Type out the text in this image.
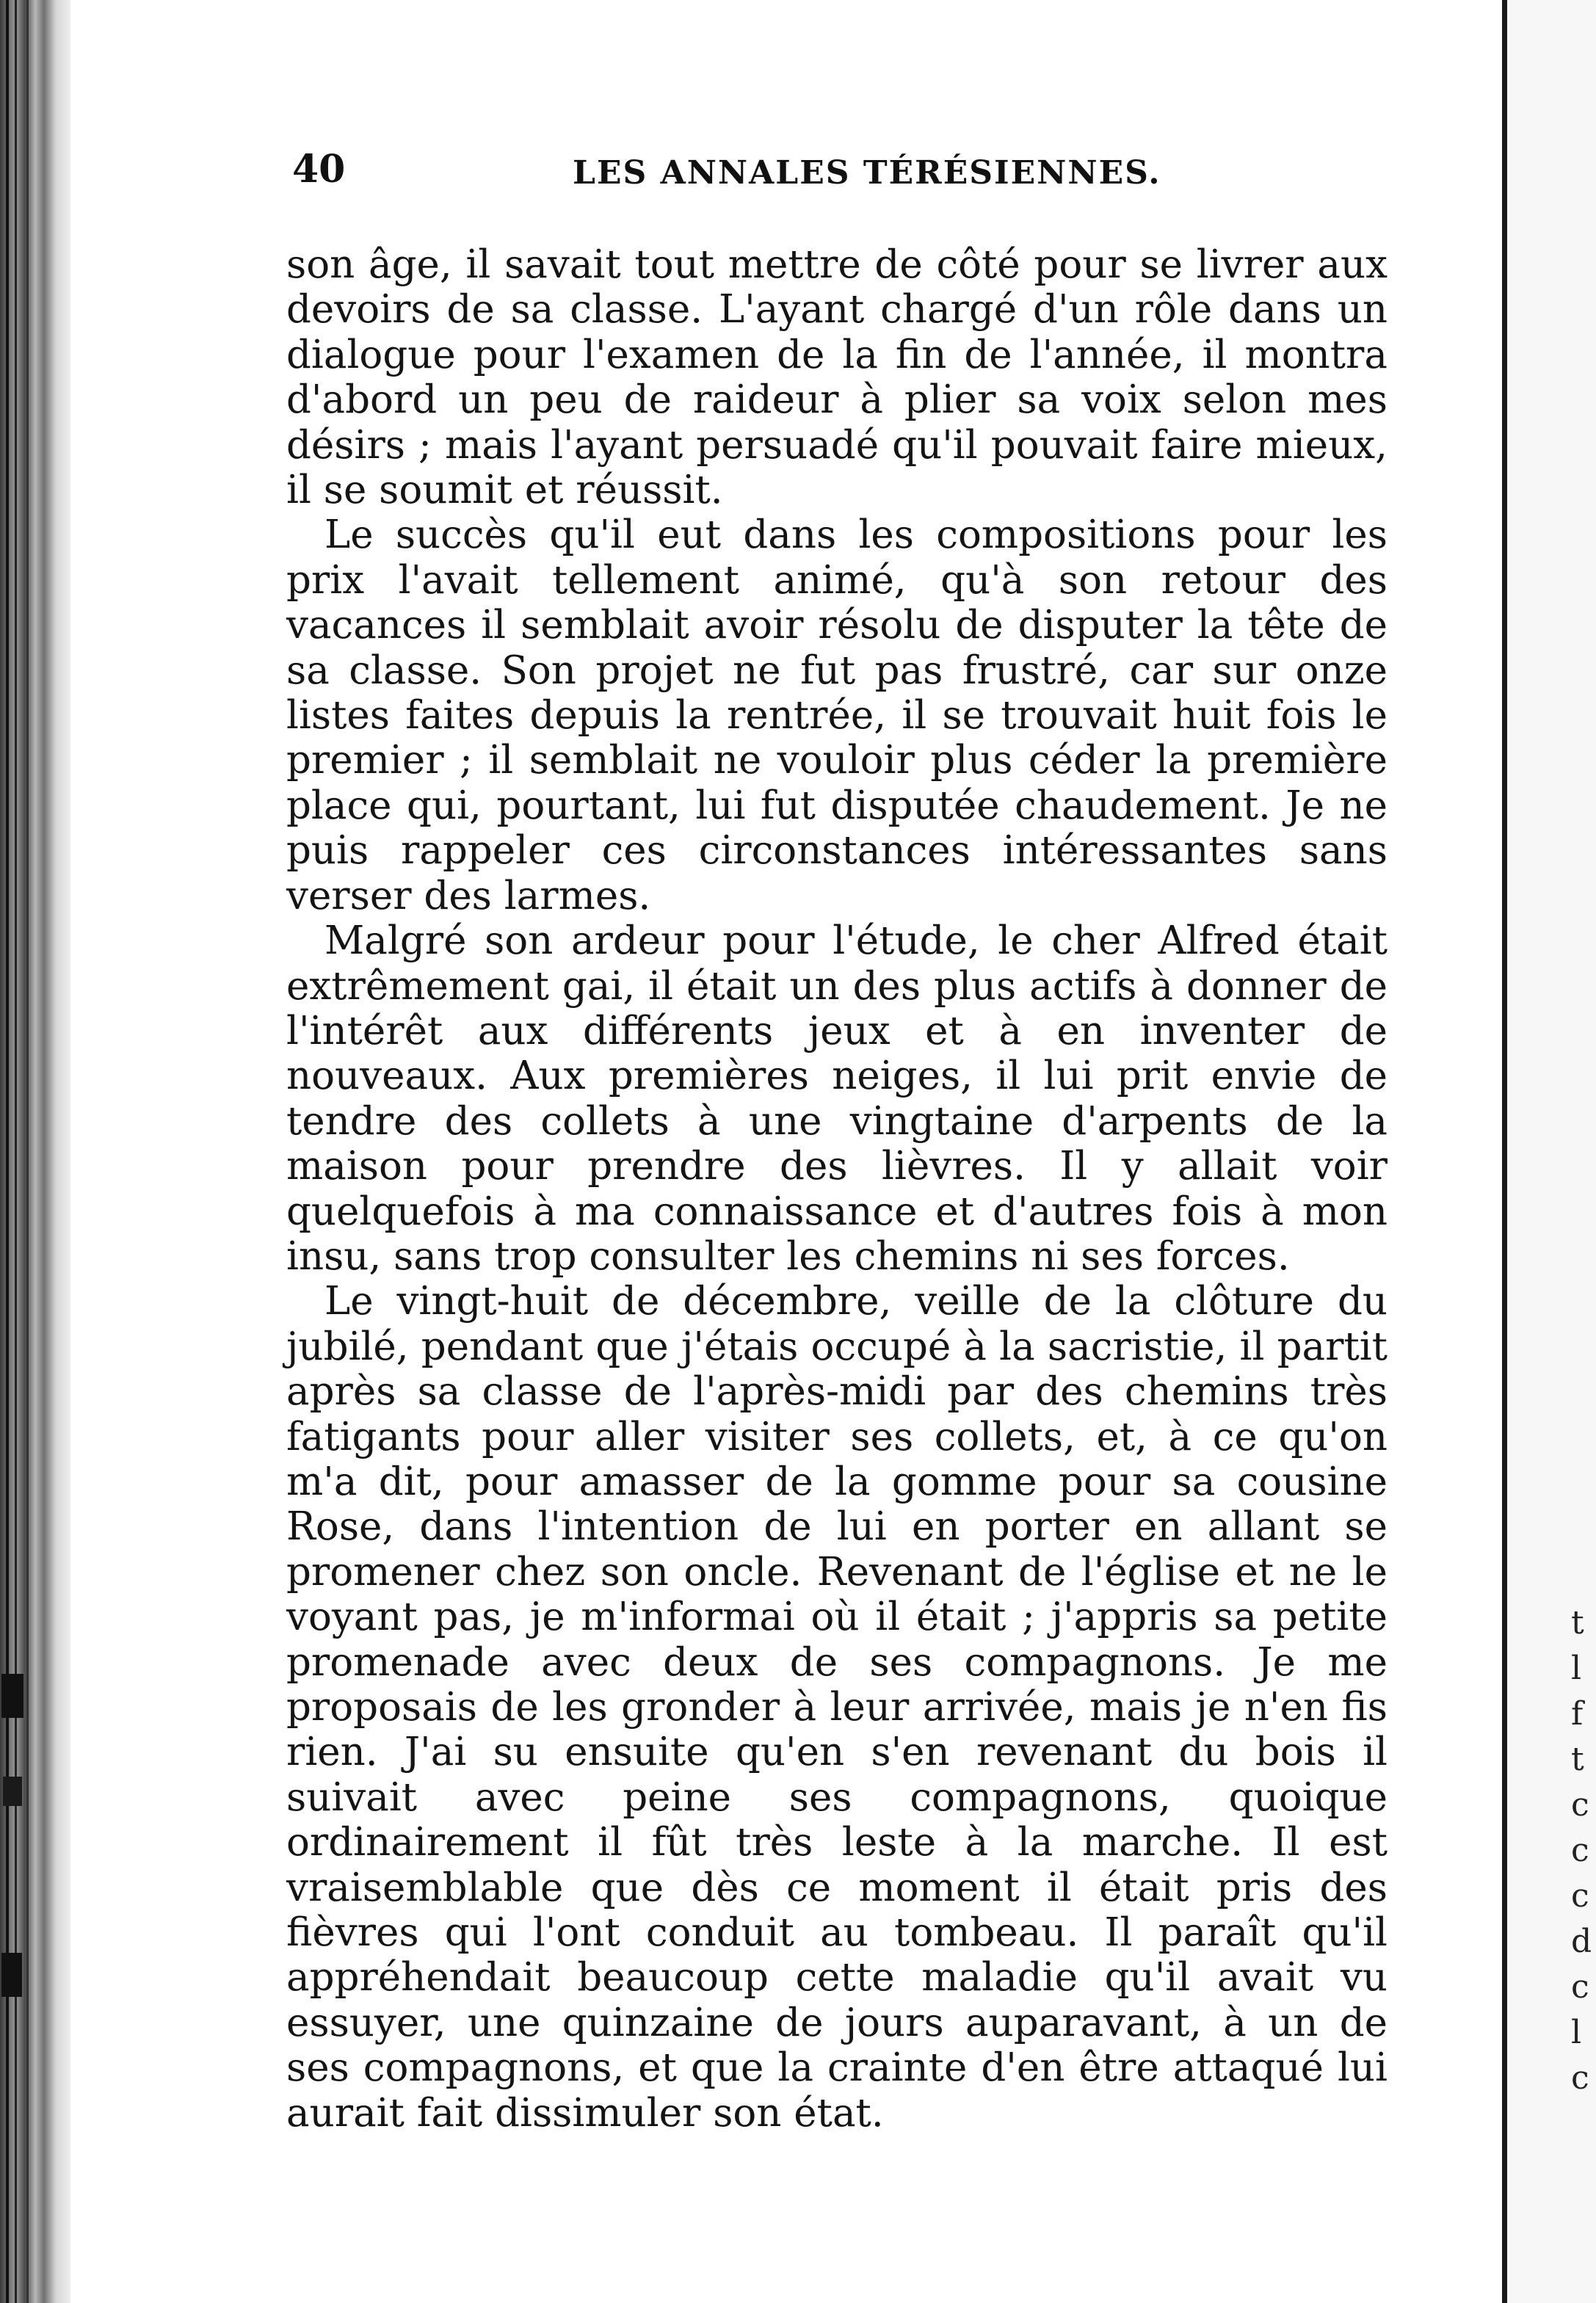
t
l
f
t
c
c
c
d
c
l
c
40	LES ANNALES TÉRÉSIENNES.

son âge, il savait tout mettre de côté pour se livrer aux devoirs de sa classe. L'ayant chargé d'un rôle dans un dialogue pour l'examen de la fin de l'année, il montra d'abord un peu de raideur à plier sa voix selon mes désirs ; mais l'ayant persuadé qu'il pouvait faire mieux, il se soumit et réussit.

Le succès qu'il eut dans les compositions pour les prix l'avait tellement animé, qu'à son retour des vacances il semblait avoir résolu de disputer la tête de sa classe. Son projet ne fut pas frustré, car sur onze listes faites depuis la rentrée, il se trouvait huit fois le premier ; il semblait ne vouloir plus céder la première place qui, pourtant, lui fut disputée chaudement. Je ne puis rappeler ces circonstances intéressantes sans verser des larmes.

Malgré son ardeur pour l'étude, le cher Alfred était extrêmement gai, il était un des plus actifs à donner de l'intérêt aux différents jeux et à en inventer de nouveaux. Aux premières neiges, il lui prit envie de tendre des collets à une vingtaine d'arpents de la maison pour prendre des lièvres. Il y allait voir quelquefois à ma connaissance et d'autres fois à mon insu, sans trop consulter les chemins ni ses forces.

Le vingt-huit de décembre, veille de la clôture du jubilé, pendant que j'étais occupé à la sacristie, il partit après sa classe de l'après-midi par des chemins très fatigants pour aller visiter ses collets, et, à ce qu'on m'a dit, pour amasser de la gomme pour sa cousine Rose, dans l'intention de lui en porter en allant se promener chez son oncle. Revenant de l'église et ne le voyant pas, je m'informai où il était ; j'appris sa petite promenade avec deux de ses compagnons. Je me proposais de les gronder à leur arrivée, mais je n'en fis rien. J'ai su ensuite qu'en s'en revenant du bois il suivait avec peine ses compagnons, quoique ordinairement il fût très leste à la marche. Il est vraisemblable que dès ce moment il était pris des fièvres qui l'ont conduit au tombeau. Il paraît qu'il appréhendait beaucoup cette maladie qu'il avait vu essuyer, une quinzaine de jours auparavant, à un de ses compagnons, et que la crainte d'en être attaqué lui aurait fait dissimuler son état.
